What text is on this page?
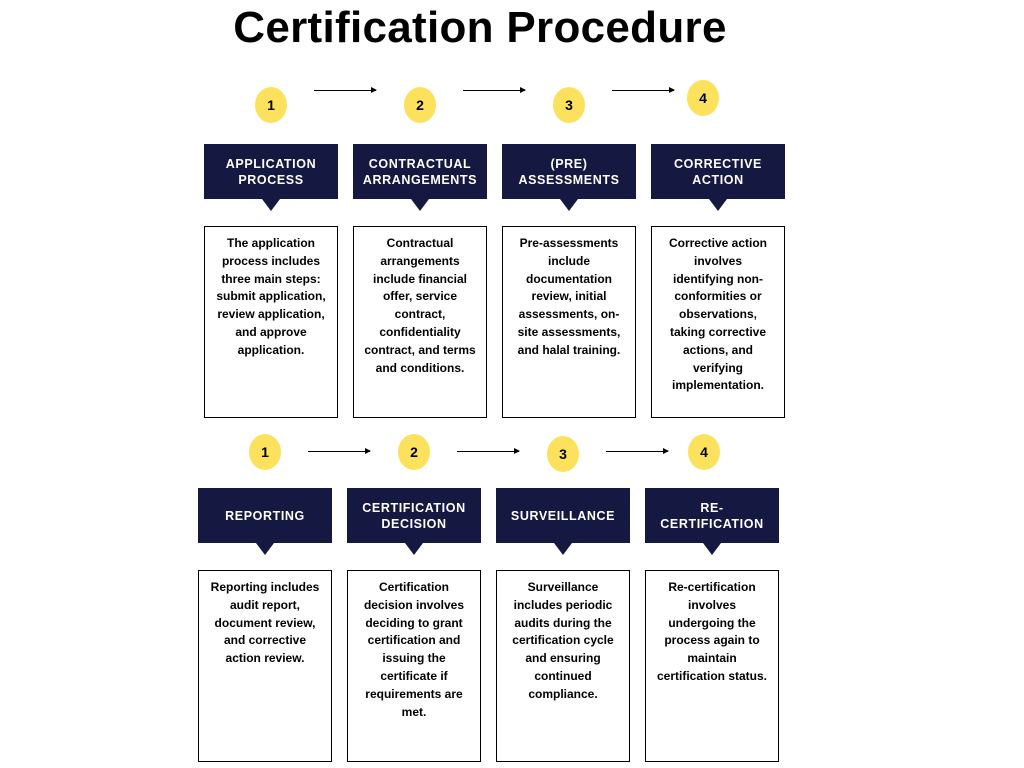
Certification Procedure
1	2	3	4
APPLICATION PROCESS
CONTRACTUAL ARRANGEMENTS
(PRE) ASSESSMENTS
CORRECTIVE ACTION
The application process includes three main steps: submit application, review application, and approve application.
Contractual arrangements include financial offer, service contract, confidentiality contract, and terms and conditions.
Pre-assessments include documentation review, initial assessments, on-site assessments, and halal training.
Corrective action involves identifying non-conformities or observations, taking corrective actions, and verifying implementation.
1	2	3	4
REPORTING
CERTIFICATION DECISION
SURVEILLANCE
RE-CERTIFICATION
Reporting includes audit report, document review, and corrective action review.
Certification decision involves deciding to grant certification and issuing the certificate if requirements are met.
Surveillance includes periodic audits during the certification cycle and ensuring continued compliance.
Re-certification involves undergoing the process again to maintain certification status.
